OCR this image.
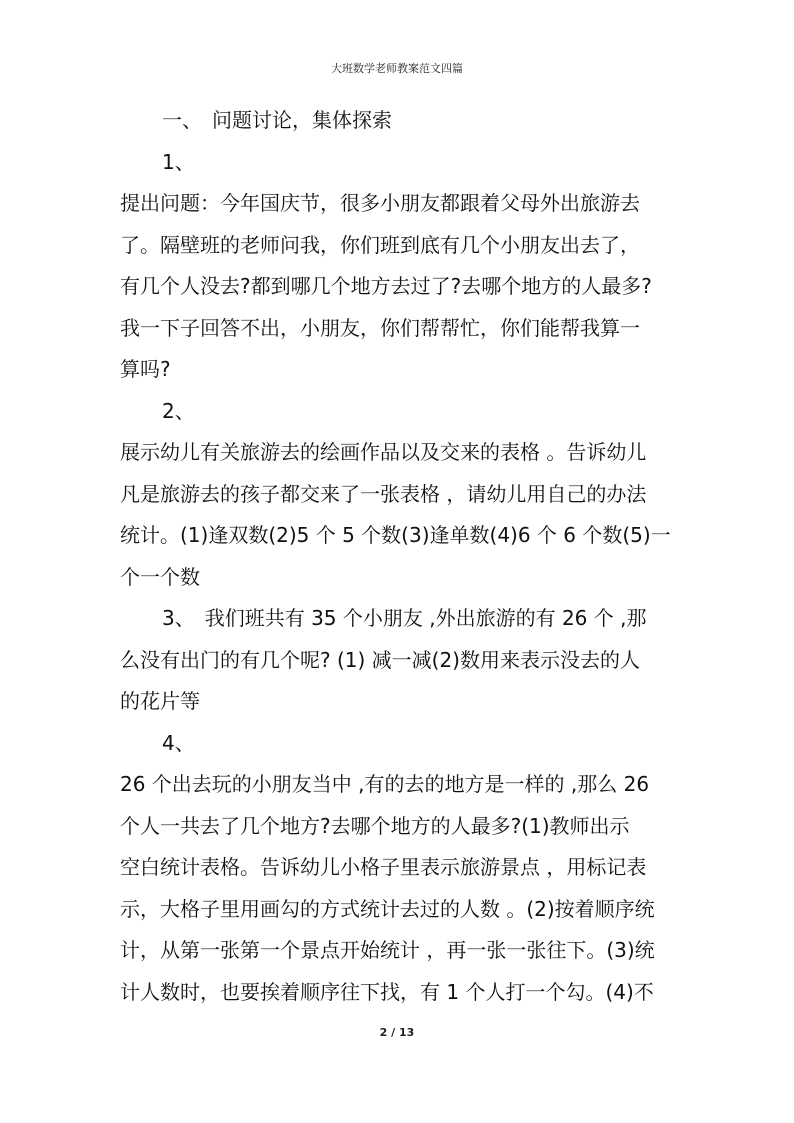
大班数学老师教案范文四篇
一、　问题讨论，集体探索
1、
提出问题：今年国庆节，很多小朋友都跟着父母外出旅游去
了。隔壁班的老师问我，你们班到底有几个小朋友出去了，
有几个人没去?都到哪几个地方去过了?去哪个地方的人最多?
我一下子回答不出，小朋友，你们帮帮忙，你们能帮我算一
算吗?
2、
展示幼儿有关旅游去的绘画作品以及交来的表格 。告诉幼儿
凡是旅游去的孩子都交来了一张表格 ，请幼儿用自己的办法
统计。(1)逢双数(2)5 个 5 个数(3)逢单数(4)6 个 6 个数(5)一
个一个数
3、　我们班共有 35 个小朋友 ,外出旅游的有 26 个 ,那
么没有出门的有几个呢? (1) 减一减(2)数用来表示没去的人
的花片等
4、
26 个出去玩的小朋友当中 ,有的去的地方是一样的 ,那么 26
个人一共去了几个地方?去哪个地方的人最多?(1)教师出示
空白统计表格。告诉幼儿小格子里表示旅游景点 ，用标记表
示，大格子里用画勾的方式统计去过的人数 。(2)按着顺序统
计，从第一张第一个景点开始统计 ，再一张一张往下。(3)统
计人数时，也要挨着顺序往下找，有 1 个人打一个勾。(4)不
2 / 13
